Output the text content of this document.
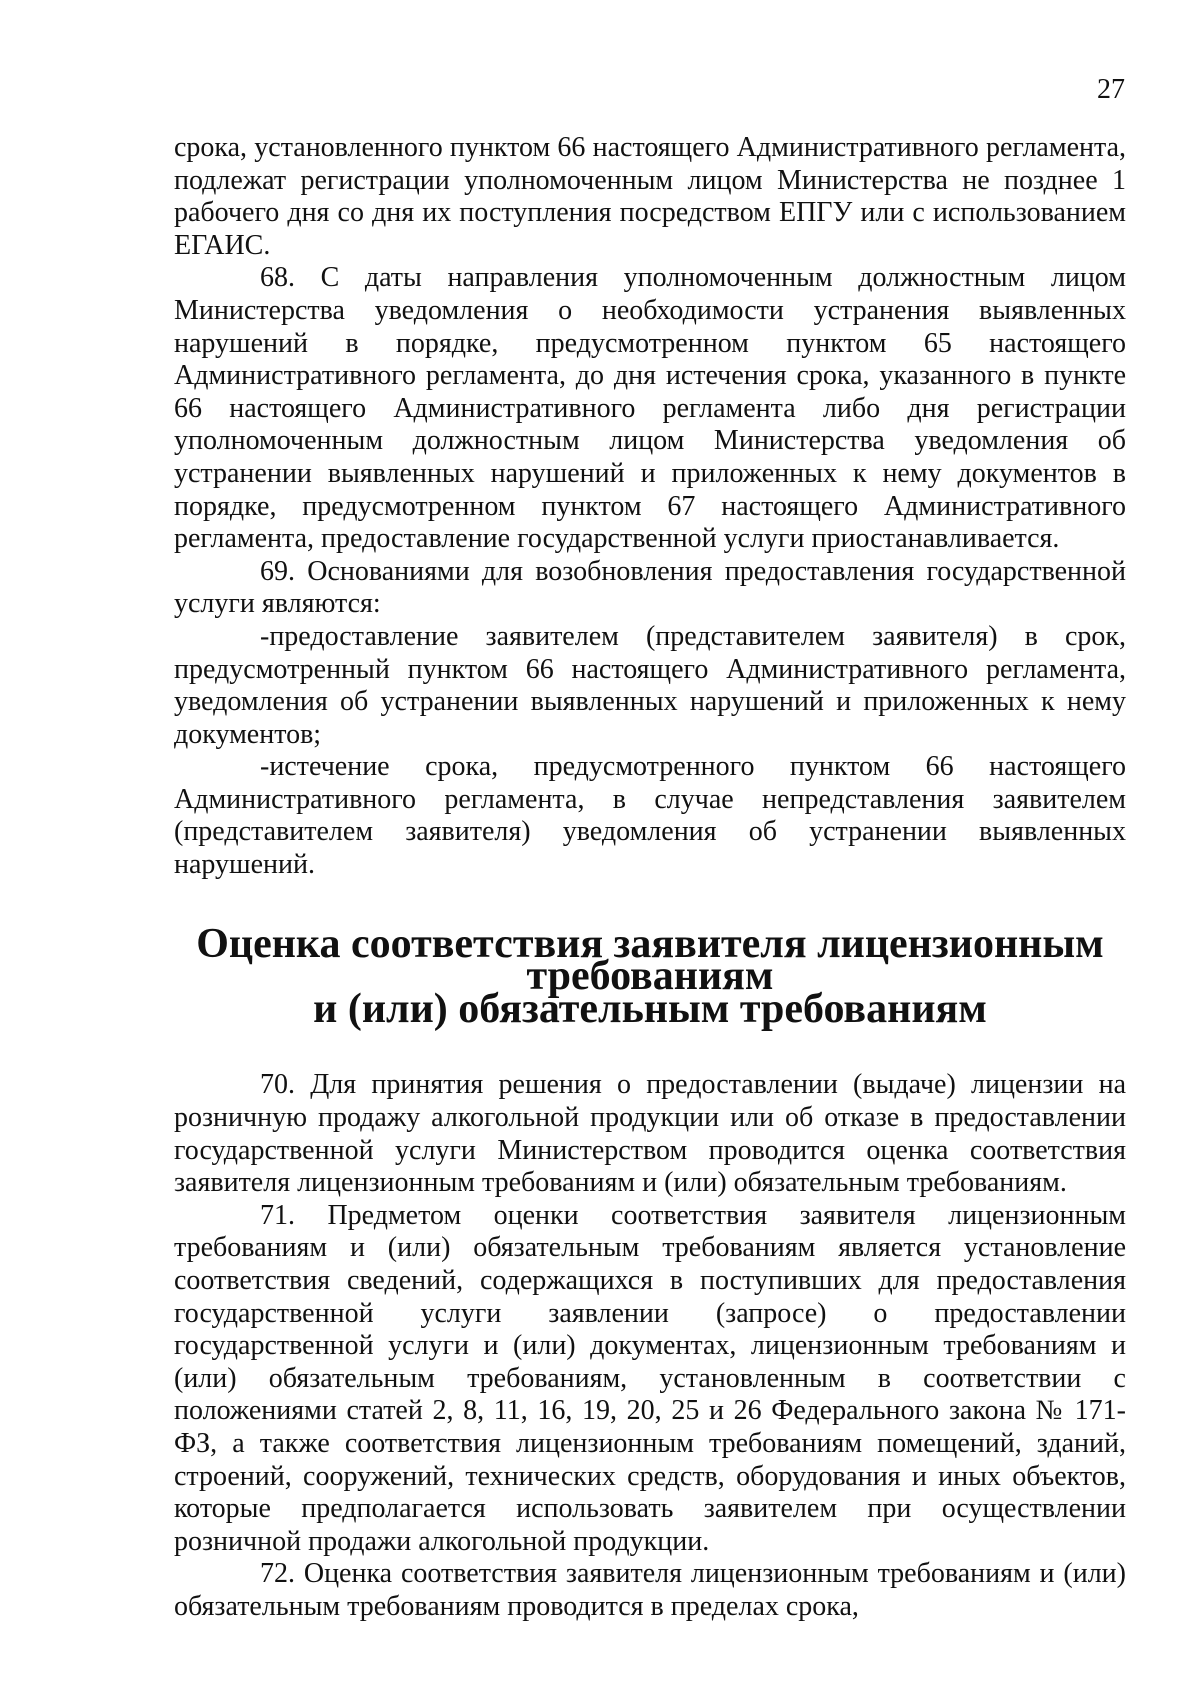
27

срока, установленного пунктом 66 настоящего Административного регламента, подлежат регистрации уполномоченным лицом Министерства не позднее 1 рабочего дня со дня их поступления посредством ЕПГУ или с использованием ЕГАИС.

68. С даты направления уполномоченным должностным лицом Министерства уведомления о необходимости устранения выявленных нарушений в порядке, предусмотренном пунктом 65 настоящего Административного регламента, до дня истечения срока, указанного в пункте 66 настоящего Административного регламента либо дня регистрации уполномоченным должностным лицом Министерства уведомления об устранении выявленных нарушений и приложенных к нему документов в порядке, предусмотренном пунктом 67 настоящего Административного регламента, предоставление государственной услуги приостанавливается.

69. Основаниями для возобновления предоставления государственной услуги являются:

-предоставление заявителем (представителем заявителя) в срок, предусмотренный пунктом 66 настоящего Административного регламента, уведомления об устранении выявленных нарушений и приложенных к нему документов;

-истечение срока, предусмотренного пунктом 66 настоящего Административного регламента, в случае непредставления заявителем (представителем заявителя) уведомления об устранении выявленных нарушений.

Оценка соответствия заявителя лицензионным требованиям
и (или) обязательным требованиям

70. Для принятия решения о предоставлении (выдаче) лицензии на розничную продажу алкогольной продукции или об отказе в предоставлении государственной услуги Министерством проводится оценка соответствия заявителя лицензионным требованиям и (или) обязательным требованиям.

71. Предметом оценки соответствия заявителя лицензионным требованиям и (или) обязательным требованиям является установление соответствия сведений, содержащихся в поступивших для предоставления государственной услуги заявлении (запросе) о предоставлении государственной услуги и (или) документах, лицензионным требованиям и (или) обязательным требованиям, установленным в соответствии с положениями статей 2, 8, 11, 16, 19, 20, 25 и 26 Федерального закона № 171-ФЗ, а также соответствия лицензионным требованиям помещений, зданий, строений, сооружений, технических средств, оборудования и иных объектов, которые предполагается использовать заявителем при осуществлении розничной продажи алкогольной продукции.

72. Оценка соответствия заявителя лицензионным требованиям и (или) обязательным требованиям проводится в пределах срока,
